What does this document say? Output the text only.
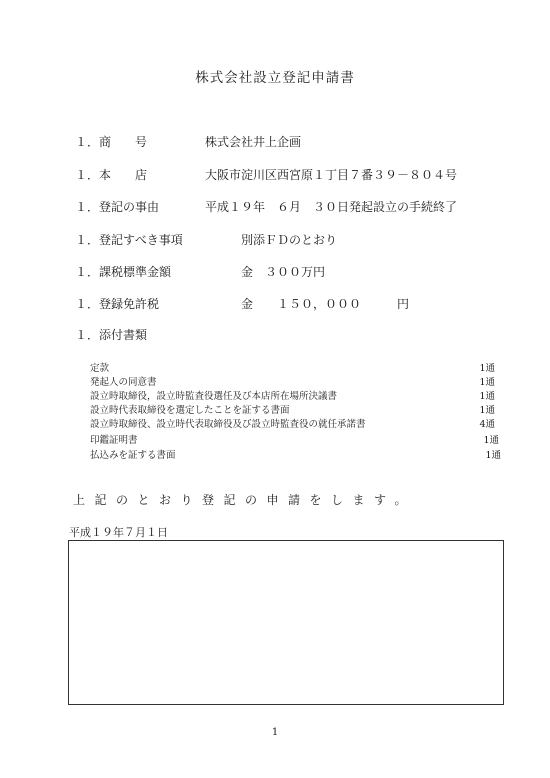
株式会社設立登記申請書
１．商　　号	株式会社井上企画
１．本　　店	大阪市淀川区西宮原１丁目７番３９－８０４号
１．登記の事由	平成１９年　６月　３０日発起設立の手続終了
１．登記すべき事項	別添ＦＤのとおり
１．課税標準金額	金　３００万円
１．登録免許税	金　　１５０，０００　　　円
１．添付書類
定款	1通
発起人の同意書	1通
設立時取締役，設立時監査役選任及び本店所在場所決議書	1通
設立時代表取締役を選定したことを証する書面	1通
設立時取締役、設立時代表取締役及び設立時監査役の就任承諾書	4通
印鑑証明書	1通
払込みを証する書面	1通
上記のとおり登記の申請をします。
平成１９年７月１日
1
